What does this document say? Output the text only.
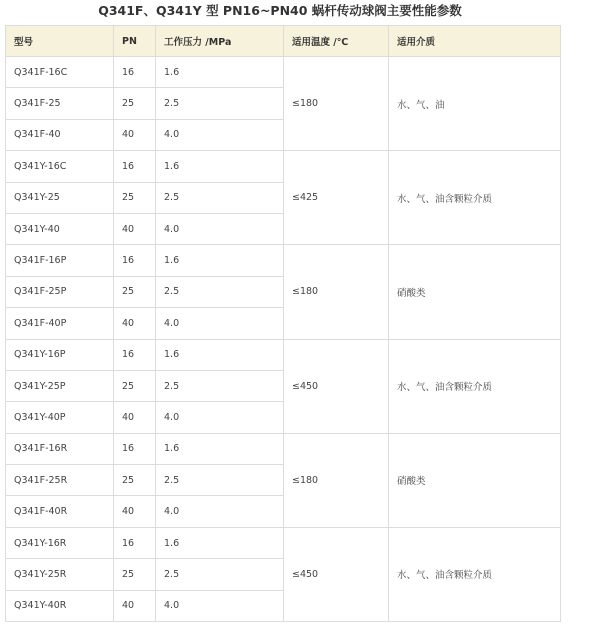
Q341F、Q341Y 型 PN16~PN40 蜗杆传动球阀主要性能参数
型号	PN	工作压力 /MPa	适用温度 /℃	适用介质
Q341F-16C	16	1.6	≤180	水、气、油
Q341F-25	25	2.5		
Q341F-40	40	4.0		
Q341Y-16C	16	1.6	≤425	水、气、油含颗粒介质
Q341Y-25	25	2.5		
Q341Y-40	40	4.0		
Q341F-16P	16	1.6	≤180	硝酸类
Q341F-25P	25	2.5		
Q341F-40P	40	4.0		
Q341Y-16P	16	1.6	≤450	水、气、油含颗粒介质
Q341Y-25P	25	2.5		
Q341Y-40P	40	4.0		
Q341F-16R	16	1.6	≤180	硝酸类
Q341F-25R	25	2.5		
Q341F-40R	40	4.0		
Q341Y-16R	16	1.6	≤450	水、气、油含颗粒介质
Q341Y-25R	25	2.5		
Q341Y-40R	40	4.0		
